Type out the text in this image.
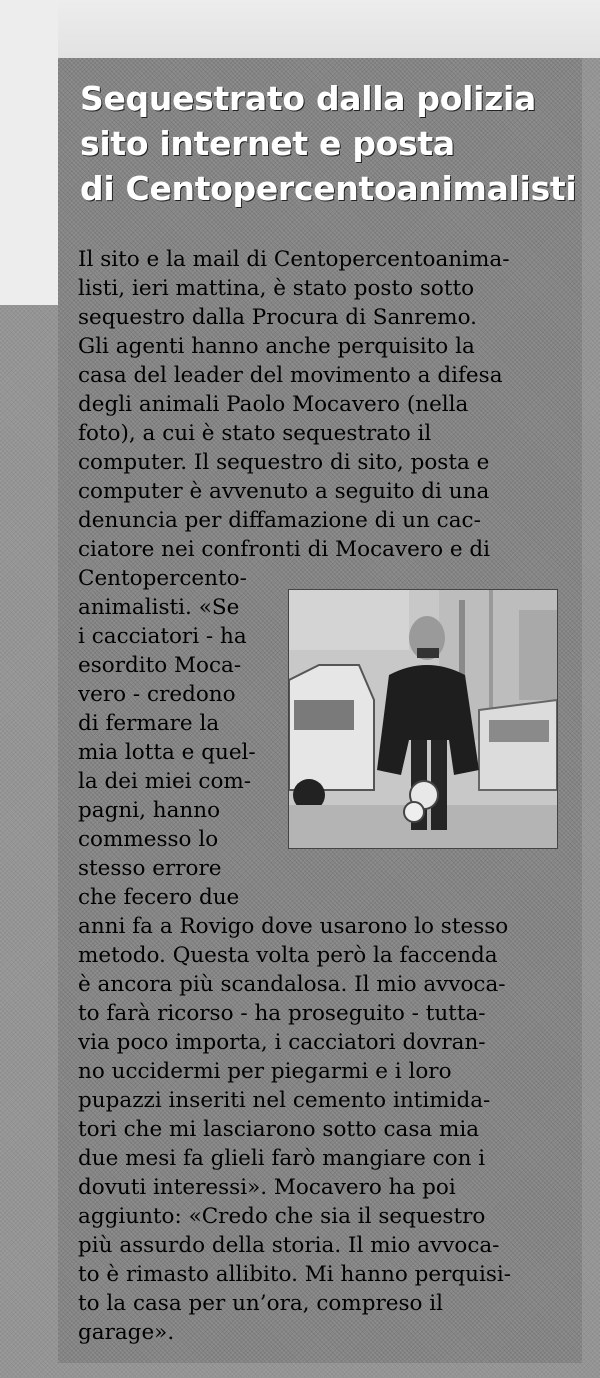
Sequestrato dalla polizia
sito internet e posta
di Centopercentoanimalisti
Il sito e la mail di Centopercentoanima-
listi, ieri mattina, è stato posto sotto
sequestro dalla Procura di Sanremo.
Gli agenti hanno anche perquisito la
casa del leader del movimento a difesa
degli animali Paolo Mocavero (nella
foto), a cui è stato sequestrato il
computer. Il sequestro di sito, posta e
computer è avvenuto a seguito di una
denuncia per diffamazione di un cac-
ciatore nei confronti di Mocavero e di
Centopercento-
animalisti. «Se
i cacciatori - ha
esordito Moca-
vero - credono
di fermare la
mia lotta e quel-
la dei miei com-
pagni, hanno
commesso lo
stesso errore
che fecero due
anni fa a Rovigo dove usarono lo stesso
metodo. Questa volta però la faccenda
è ancora più scandalosa. Il mio avvoca-
to farà ricorso - ha proseguito - tutta-
via poco importa, i cacciatori dovran-
no uccidermi per piegarmi e i loro
pupazzi inseriti nel cemento intimida-
tori che mi lasciarono sotto casa mia
due mesi fa glieli farò mangiare con i
dovuti interessi». Mocavero ha poi
aggiunto: «Credo che sia il sequestro
più assurdo della storia. Il mio avvoca-
to è rimasto allibito. Mi hanno perquisi-
to la casa per un’ora, compreso il
garage».
